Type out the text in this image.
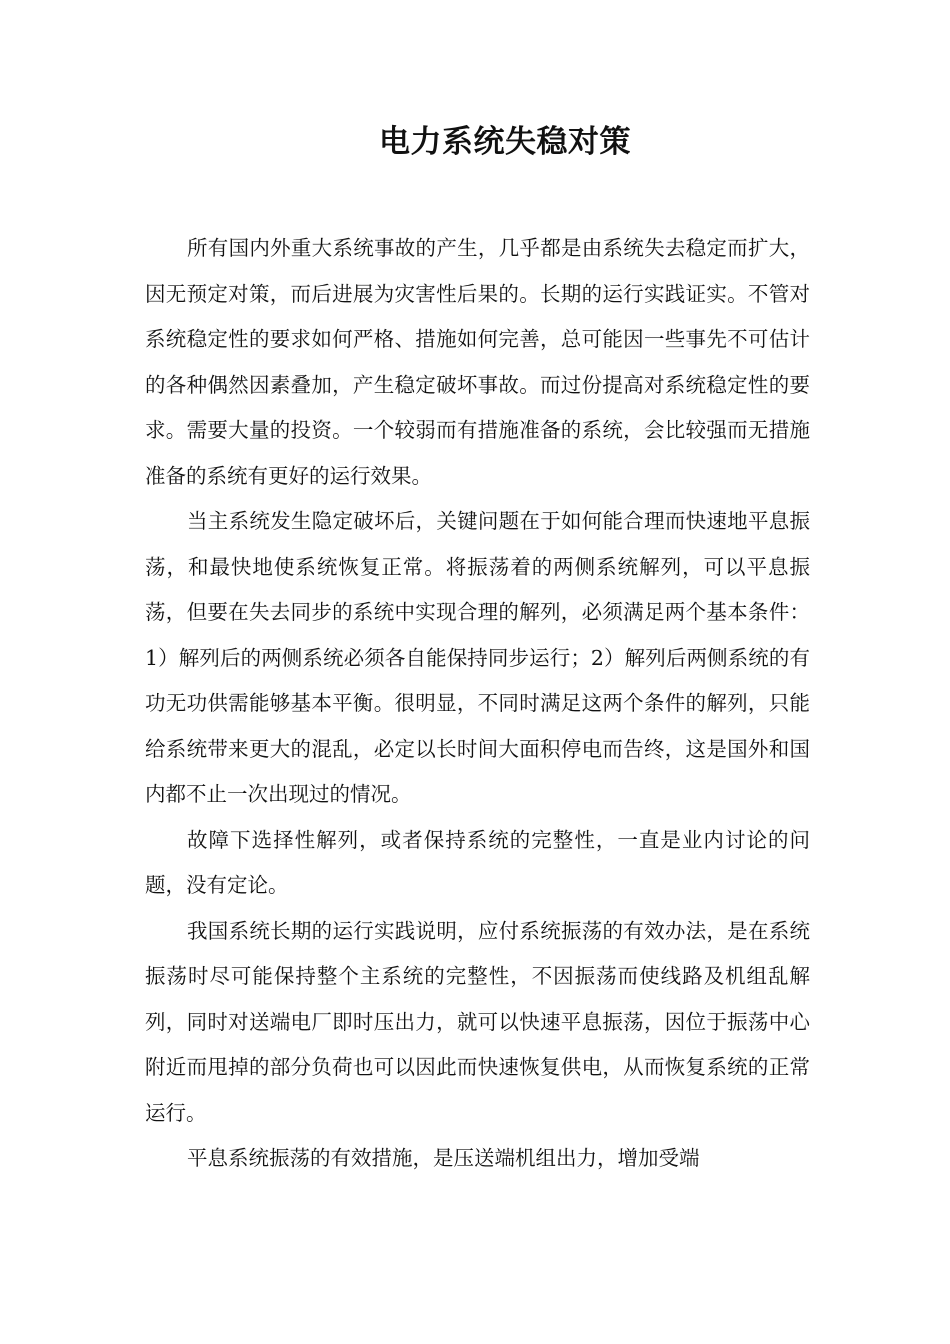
电力系统失稳对策

所有国内外重大系统事故的产生，几乎都是由系统失去稳定而扩大，因无预定对策，而后进展为灾害性后果的。长期的运行实践证实。不管对系统稳定性的要求如何严格、措施如何完善，总可能因一些事先不可估计的各种偶然因素叠加，产生稳定破坏事故。而过份提高对系统稳定性的要求。需要大量的投资。一个较弱而有措施准备的系统，会比较强而无措施准备的系统有更好的运行效果。

当主系统发生隐定破坏后，关键问题在于如何能合理而快速地平息振荡，和最快地使系统恢复正常。将振荡着的两侧系统解列，可以平息振荡，但要在失去同步的系统中实现合理的解列，必须满足两个基本条件：1）解列后的两侧系统必须各自能保持同步运行；2）解列后两侧系统的有功无功供需能够基本平衡。很明显，不同时满足这两个条件的解列，只能给系统带来更大的混乱，必定以长时间大面积停电而告终，这是国外和国内都不止一次出现过的情况。

故障下选择性解列，或者保持系统的完整性，一直是业内讨论的问题，没有定论。

我国系统长期的运行实践说明，应付系统振荡的有效办法，是在系统振荡时尽可能保持整个主系统的完整性，不因振荡而使线路及机组乱解列，同时对送端电厂即时压出力，就可以快速平息振荡，因位于振荡中心附近而甩掉的部分负荷也可以因此而快速恢复供电，从而恢复系统的正常运行。

平息系统振荡的有效措施，是压送端机组出力，增加受端
